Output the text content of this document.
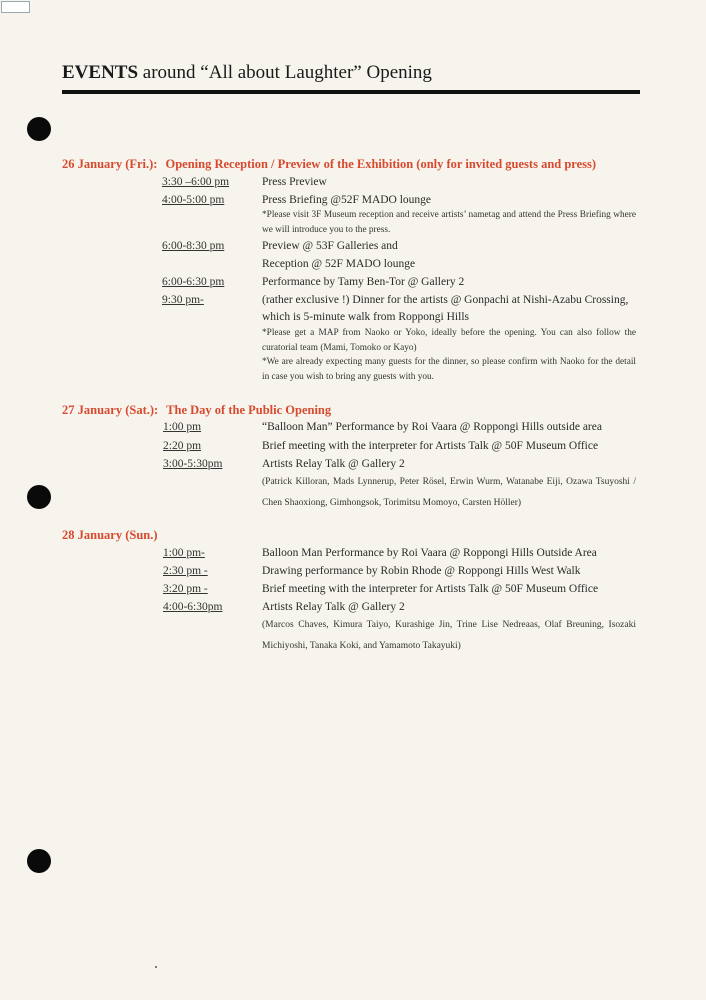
EVENTS around “All about Laughter” Opening
26 January (Fri.): Opening Reception / Preview of the Exhibition (only for invited guests and press)
3:30 –6:00 pm	Press Preview
4:00-5:00 pm	Press Briefing @52F MADO lounge
*Please visit 3F Museum reception and receive artists’ nametag and attend the Press Briefing where we will introduce you to the press.
6:00-8:30 pm	Preview @ 53F Galleries and
Reception @ 52F MADO lounge
6:00-6:30 pm	Performance by Tamy Ben-Tor @ Gallery 2
9:30 pm-	(rather exclusive !) Dinner for the artists @ Gonpachi at Nishi-Azabu Crossing,
which is 5-minute walk from Roppongi Hills
*Please get a MAP from Naoko or Yoko, ideally before the opening. You can also follow the curatorial team (Mami, Tomoko or Kayo)
*We are already expecting many guests for the dinner, so please confirm with Naoko for the detail in case you wish to bring any guests with you.
27 January (Sat.): The Day of the Public Opening
1:00 pm	“Balloon Man” Performance by Roi Vaara @ Roppongi Hills outside area
2:20 pm	Brief meeting with the interpreter for Artists Talk @ 50F Museum Office
3:00-5:30pm	Artists Relay Talk @ Gallery 2
(Patrick Killoran, Mads Lynnerup, Peter Rösel, Erwin Wurm, Watanabe Eiji, Ozawa Tsuyoshi / Chen Shaoxiong, Gimhongsok, Torimitsu Momoyo, Carsten Höller)
28 January (Sun.)
1:00 pm-	Balloon Man Performance by Roi Vaara @ Roppongi Hills Outside Area
2:30 pm -	Drawing performance by Robin Rhode @ Roppongi Hills West Walk
3:20 pm -	Brief meeting with the interpreter for Artists Talk @ 50F Museum Office
4:00-6:30pm	Artists Relay Talk @ Gallery 2
(Marcos Chaves, Kimura Taiyo, Kurashige Jin, Trine Lise Nedreaas, Olaf Breuning, Isozaki Michiyoshi, Tanaka Koki, and Yamamoto Takayuki)
